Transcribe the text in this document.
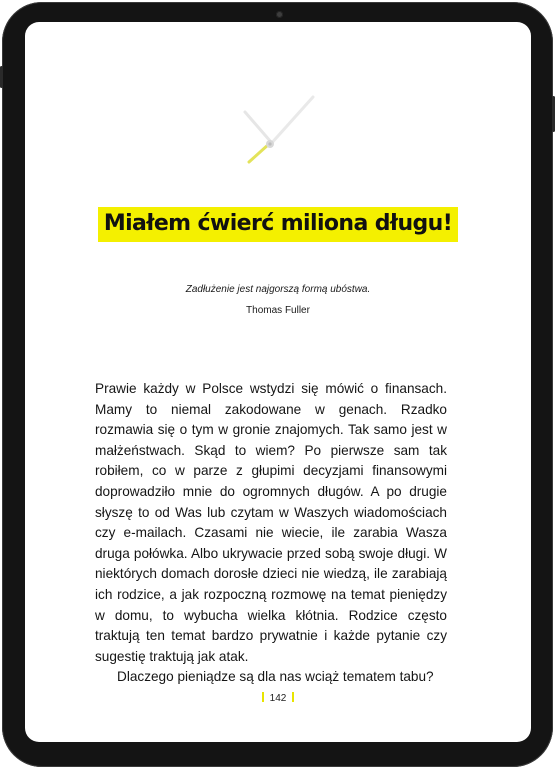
Miałem ćwierć miliona długu!
Zadłużenie jest najgorszą formą ubóstwa.
Thomas Fuller

Prawie każdy w Polsce wstydzi się mówić o finansach. Mamy to niemal zakodowane w genach. Rzadko rozmawia się o tym w gronie znajomych. Tak samo jest w małżeństwach. Skąd to wiem? Po pierwsze sam tak robiłem, co w parze z głupimi decyzjami finansowymi doprowadziło mnie do ogromnych długów. A po drugie słyszę to od Was lub czytam w Waszych wiadomościach czy e-mailach. Czasami nie wiecie, ile zarabia Wasza druga połówka. Albo ukrywacie przed sobą swoje długi. W niektórych domach dorosłe dzieci nie wiedzą, ile zarabiają ich rodzice, a jak rozpoczną rozmowę na temat pieniędzy w domu, to wybucha wielka kłótnia. Rodzice często traktują ten temat bardzo prywatnie i każde pytanie czy sugestię traktują jak atak.

Dlaczego pieniądze są dla nas wciąż tematem tabu?

142
